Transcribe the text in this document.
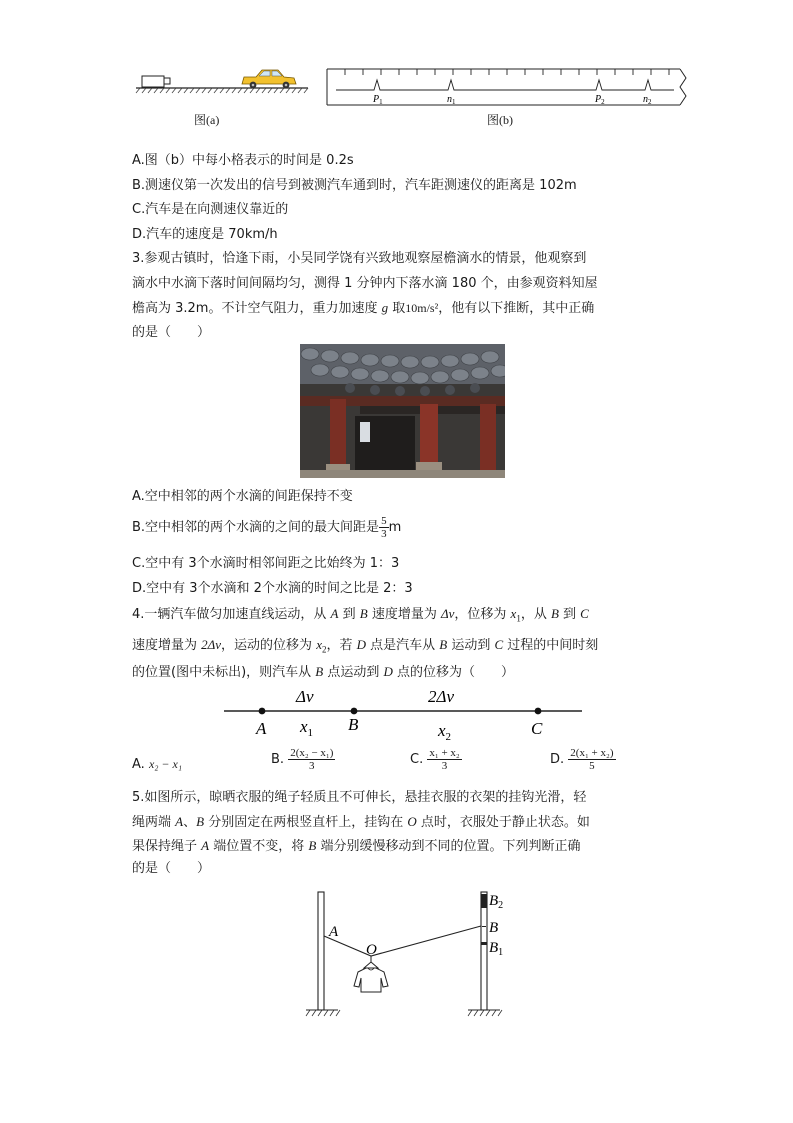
图(a)
$P_1$	$n_1$	$P_2$	$n_2$
图(b)
A.图（b）中每小格表示的时间是 0.2s
B.测速仪第一次发出的信号到被测汽车通到时，汽车距测速仪的距离是 102m
C.汽车是在向测速仪靠近的
D.汽车的速度是 70km/h
3.参观古镇时，恰逢下雨，小吴同学饶有兴致地观察屋檐滴水的情景，他观察到
滴水中水滴下落时间间隔均匀，测得 1 分钟内下落水滴 180 个，由参观资料知屋
檐高为 3.2m。不计空气阻力，重力加速度 g 取10m/s²，他有以下推断，其中正确
的是（　　）
A.空中相邻的两个水滴的间距保持不变
B.空中相邻的两个水滴的之间的最大间距是 $\frac{5}{3}$ m
C.空中有 3个水滴时相邻间距之比始终为 1：3
D.空中有 3个水滴和 2个水滴的时间之比是 2：3
4.一辆汽车做匀加速直线运动，从 A 到 B 速度增量为 Δv，位移为 $x_1$，从 B 到 C
速度增量为 2Δv，运动的位移为 $x_2$，若 D 点是汽车从 B 运动到 C 过程的中间时刻
的位置(图中未标出)，则汽车从 B 点运动到 D 点的位移为（　　）
Δv	2Δv
A	B	C
$x_1$	$x_2$
A. x₂ − x₁	B. $\frac{\text{2(x₂ − x₁)}}{3}$	C. $\frac{\text{x₁ + x₂}}{3}$	D. $\frac{\text{2(x₁ + x₂)}}{5}$
5.如图所示，晾晒衣服的绳子轻质且不可伸长，悬挂衣服的衣架的挂钩光滑，轻
绳两端 A、B 分别固定在两根竖直杆上，挂钩在 O 点时，衣服处于静止状态。如
果保持绳子 A 端位置不变，将 B 端分别缓慢移动到不同的位置。下列判断正确
的是（　　）
A
O
$B_2$
B
$B_1$
